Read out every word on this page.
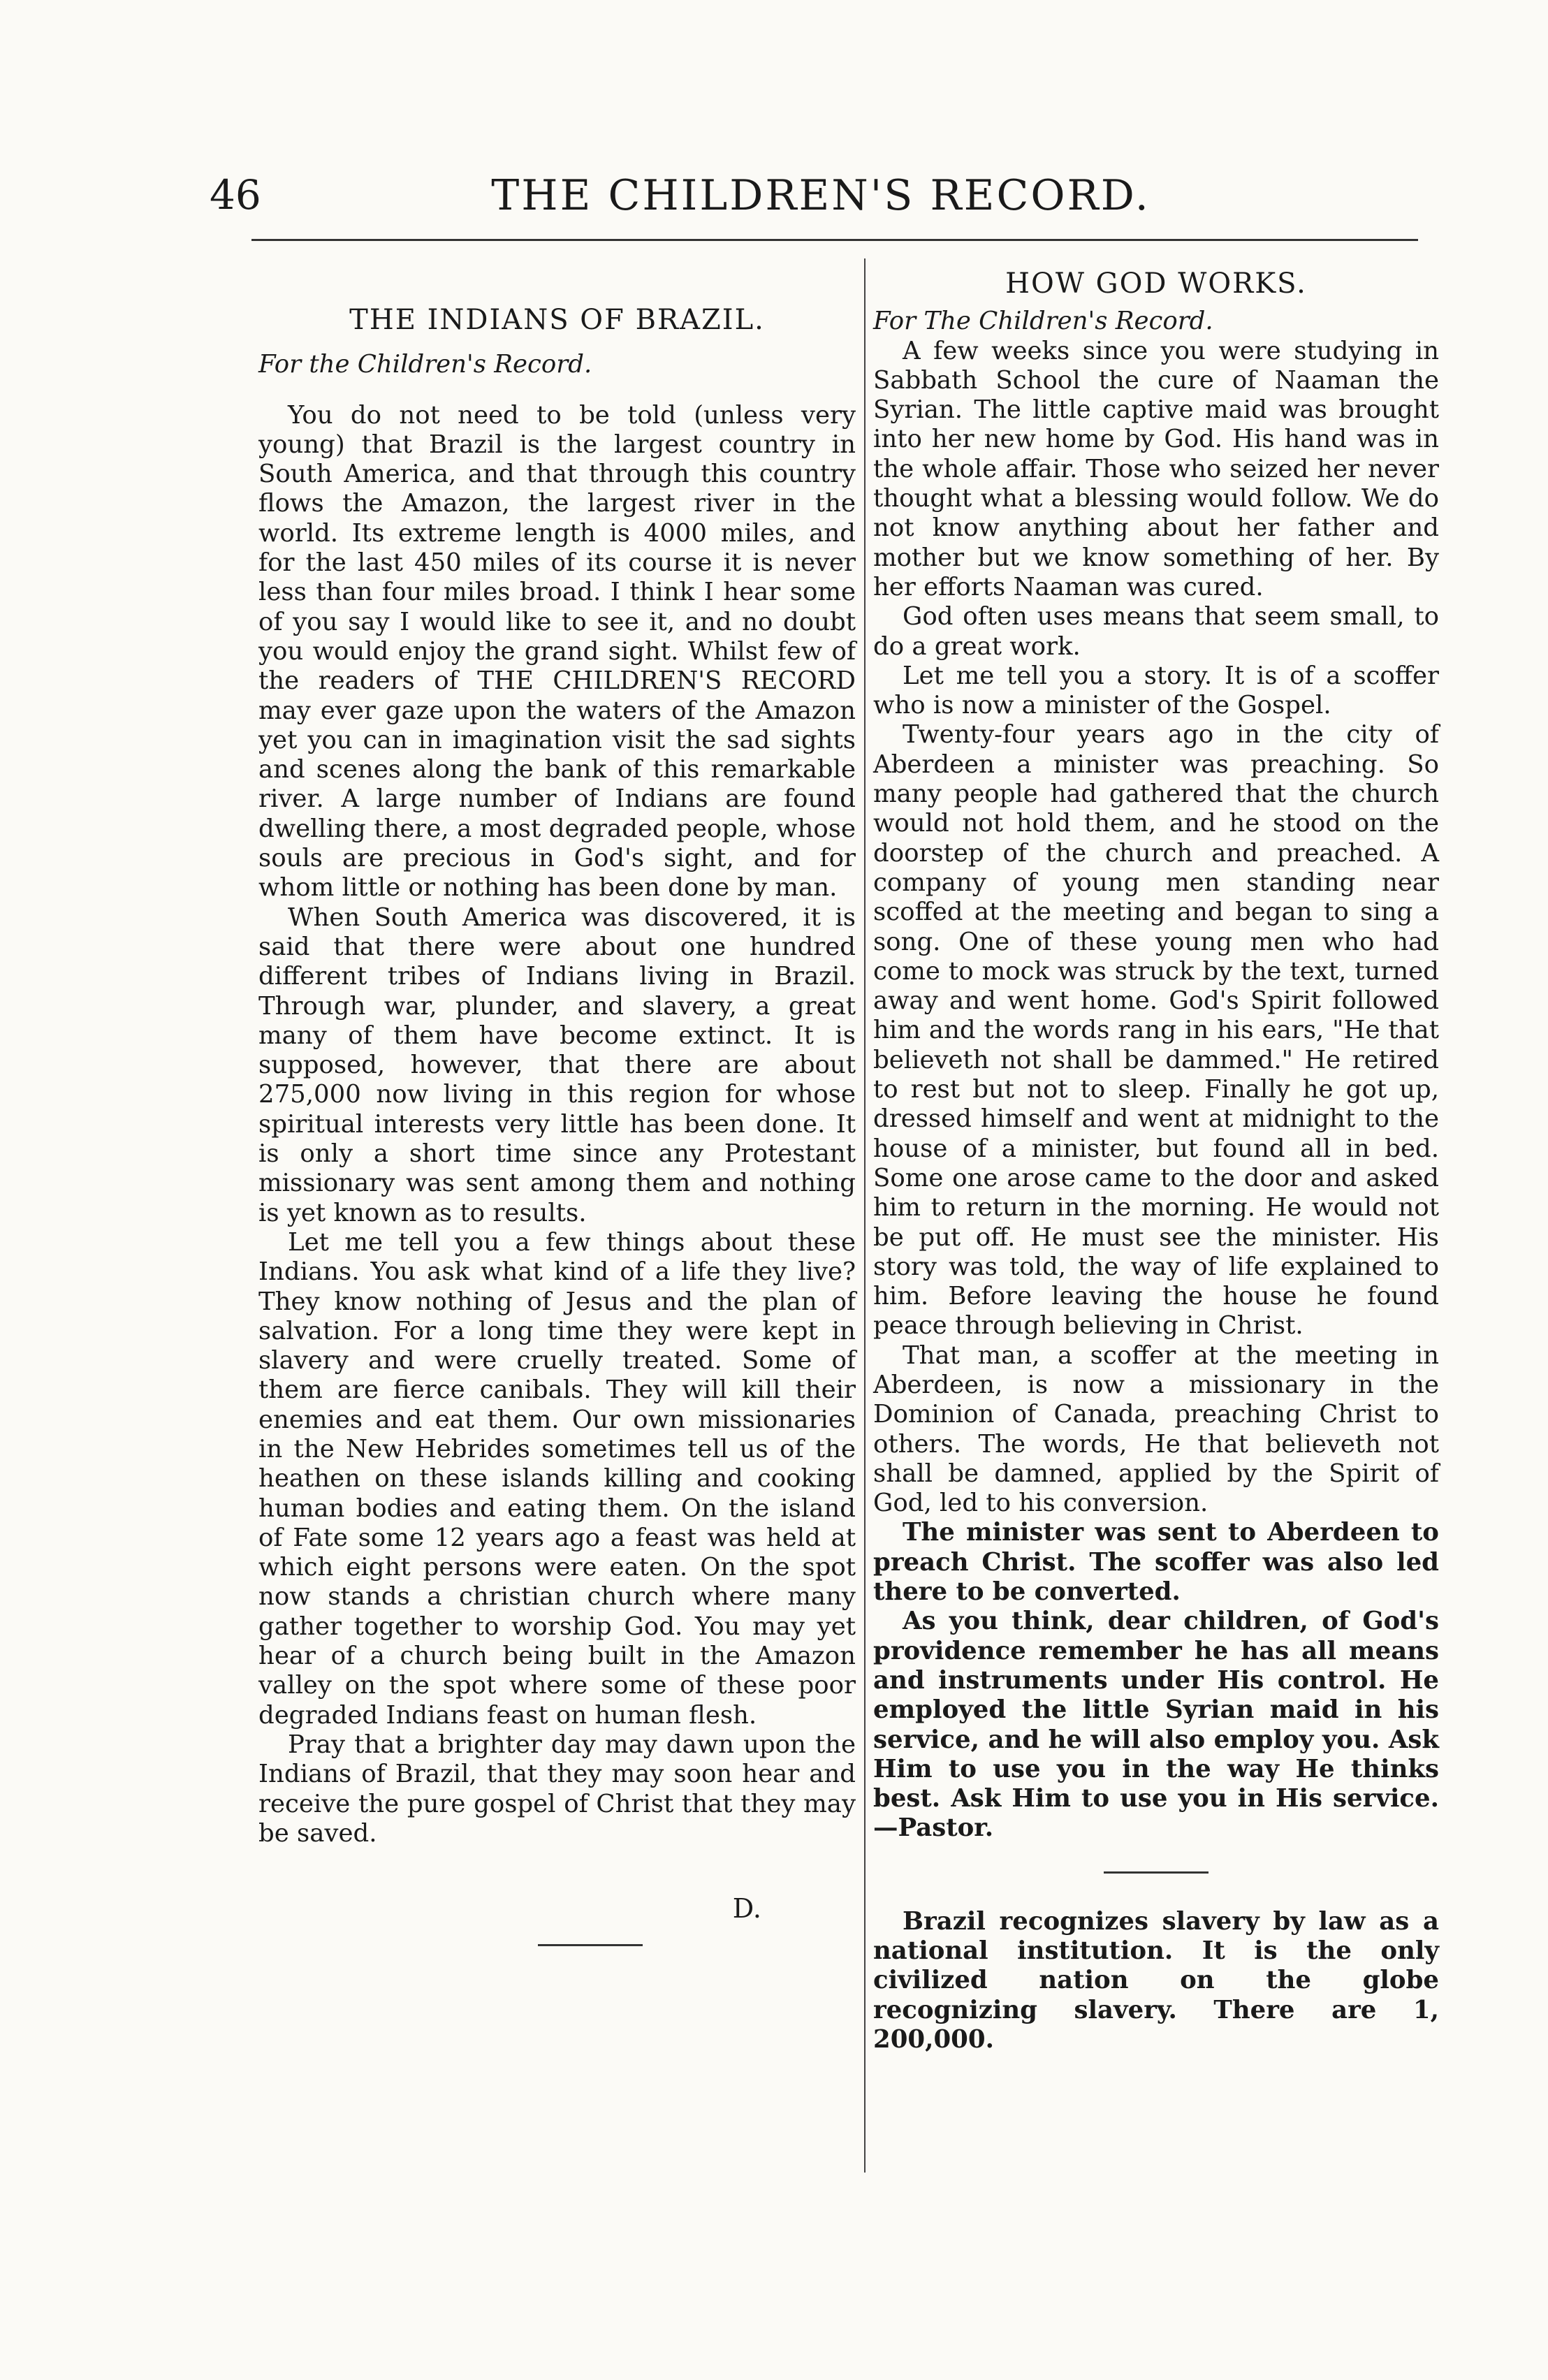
46	THE CHILDREN'S RECORD.
THE INDIANS OF BRAZIL.
For the Children's Record.

You do not need to be told (unless very young) that Brazil is the largest country in South America, and that through this country flows the Amazon, the largest river in the world. Its extreme length is 4000 miles, and for the last 450 miles of its course it is never less than four miles broad. I think I hear some of you say I would like to see it, and no doubt you would enjoy the grand sight. Whilst few of the readers of THE CHILDREN'S RECORD may ever gaze upon the waters of the Amazon yet you can in imagination visit the sad sights and scenes along the bank of this remarkable river. A large number of Indians are found dwelling there, a most degraded people, whose souls are precious in God's sight, and for whom little or nothing has been done by man.

When South America was discovered, it is said that there were about one hundred different tribes of Indians living in Brazil. Through war, plunder, and slavery, a great many of them have become extinct. It is supposed, however, that there are about 275,000 now living in this region for whose spiritual interests very little has been done. It is only a short time since any Protestant missionary was sent among them and nothing is yet known as to results.

Let me tell you a few things about these Indians. You ask what kind of a life they live? They know nothing of Jesus and the plan of salvation. For a long time they were kept in slavery and were cruelly treated. Some of them are fierce canibals. They will kill their enemies and eat them. Our own missionaries in the New Hebrides sometimes tell us of the heathen on these islands killing and cooking human bodies and eating them. On the island of Fate some 12 years ago a feast was held at which eight persons were eaten. On the spot now stands a christian church where many gather together to worship God. You may yet hear of a church being built in the Amazon valley on the spot where some of these poor degraded Indians feast on human flesh.

Pray that a brighter day may dawn upon the Indians of Brazil, that they may soon hear and receive the pure gospel of Christ that they may be saved.

D.
HOW GOD WORKS.
For The Children's Record.

A few weeks since you were studying in Sabbath School the cure of Naaman the Syrian. The little captive maid was brought into her new home by God. His hand was in the whole affair. Those who seized her never thought what a blessing would follow. We do not know anything about her father and mother but we know something of her. By her efforts Naaman was cured.

God often uses means that seem small, to do a great work.

Let me tell you a story. It is of a scoffer who is now a minister of the Gospel.

Twenty-four years ago in the city of Aberdeen a minister was preaching. So many people had gathered that the church would not hold them, and he stood on the doorstep of the church and preached. A company of young men standing near scoffed at the meeting and began to sing a song. One of these young men who had come to mock was struck by the text, turned away and went home. God's Spirit followed him and the words rang in his ears, "He that believeth not shall be dammed." He retired to rest but not to sleep. Finally he got up, dressed himself and went at midnight to the house of a minister, but found all in bed. Some one arose came to the door and asked him to return in the morning. He would not be put off. He must see the minister. His story was told, the way of life explained to him. Before leaving the house he found peace through believing in Christ.

That man, a scoffer at the meeting in Aberdeen, is now a missionary in the Dominion of Canada, preaching Christ to others. The words, He that believeth not shall be damned, applied by the Spirit of God, led to his conversion.

The minister was sent to Aberdeen to preach Christ. The scoffer was also led there to be converted.

As you think, dear children, of God's providence remember he has all means and instruments under His control. He employed the little Syrian maid in his service, and he will also employ you. Ask Him to use you in the way He thinks best. Ask Him to use you in His service. —Pastor.

Brazil recognizes slavery by law as a national institution. It is the only civilized nation on the globe recognizing slavery. There are 1, 200,000.
